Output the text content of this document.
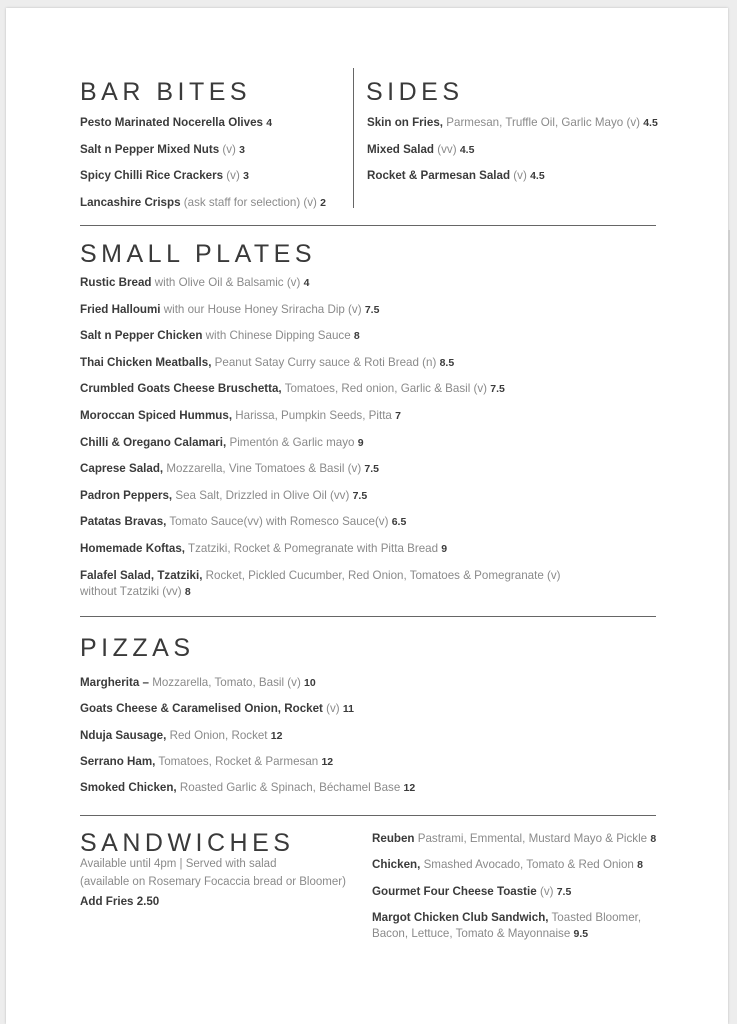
BAR BITES
Pesto Marinated Nocerella Olives 4
Salt n Pepper Mixed Nuts (v) 3
Spicy Chilli Rice Crackers (v) 3
Lancashire Crisps (ask staff for selection) (v) 2
SIDES
Skin on Fries, Parmesan, Truffle Oil, Garlic Mayo (v) 4.5
Mixed Salad (vv) 4.5
Rocket & Parmesan Salad (v) 4.5
SMALL PLATES
Rustic Bread with Olive Oil & Balsamic (v) 4
Fried Halloumi with our House Honey Sriracha Dip (v) 7.5
Salt n Pepper Chicken with Chinese Dipping Sauce 8
Thai Chicken Meatballs, Peanut Satay Curry sauce & Roti Bread (n) 8.5
Crumbled Goats Cheese Bruschetta, Tomatoes, Red onion, Garlic & Basil (v) 7.5
Moroccan Spiced Hummus, Harissa, Pumpkin Seeds, Pitta 7
Chilli & Oregano Calamari, Pimentón & Garlic mayo 9
Caprese Salad, Mozzarella, Vine Tomatoes & Basil (v) 7.5
Padron Peppers, Sea Salt, Drizzled in Olive Oil (vv) 7.5
Patatas Bravas, Tomato Sauce(vv) with Romesco Sauce(v) 6.5
Homemade Koftas, Tzatziki, Rocket & Pomegranate with Pitta Bread 9
Falafel Salad, Tzatziki, Rocket, Pickled Cucumber, Red Onion, Tomatoes & Pomegranate (v)
without Tzatziki (vv) 8
PIZZAS
Margherita – Mozzarella, Tomato, Basil (v) 10
Goats Cheese & Caramelised Onion, Rocket (v) 11
Nduja Sausage, Red Onion, Rocket 12
Serrano Ham, Tomatoes, Rocket & Parmesan 12
Smoked Chicken, Roasted Garlic & Spinach, Béchamel Base 12
SANDWICHES
Available until 4pm | Served with salad
(available on Rosemary Focaccia bread or Bloomer)
Add Fries 2.50
Reuben Pastrami, Emmental, Mustard Mayo & Pickle 8
Chicken, Smashed Avocado, Tomato & Red Onion 8
Gourmet Four Cheese Toastie (v) 7.5
Margot Chicken Club Sandwich, Toasted Bloomer,
Bacon, Lettuce, Tomato & Mayonnaise 9.5
